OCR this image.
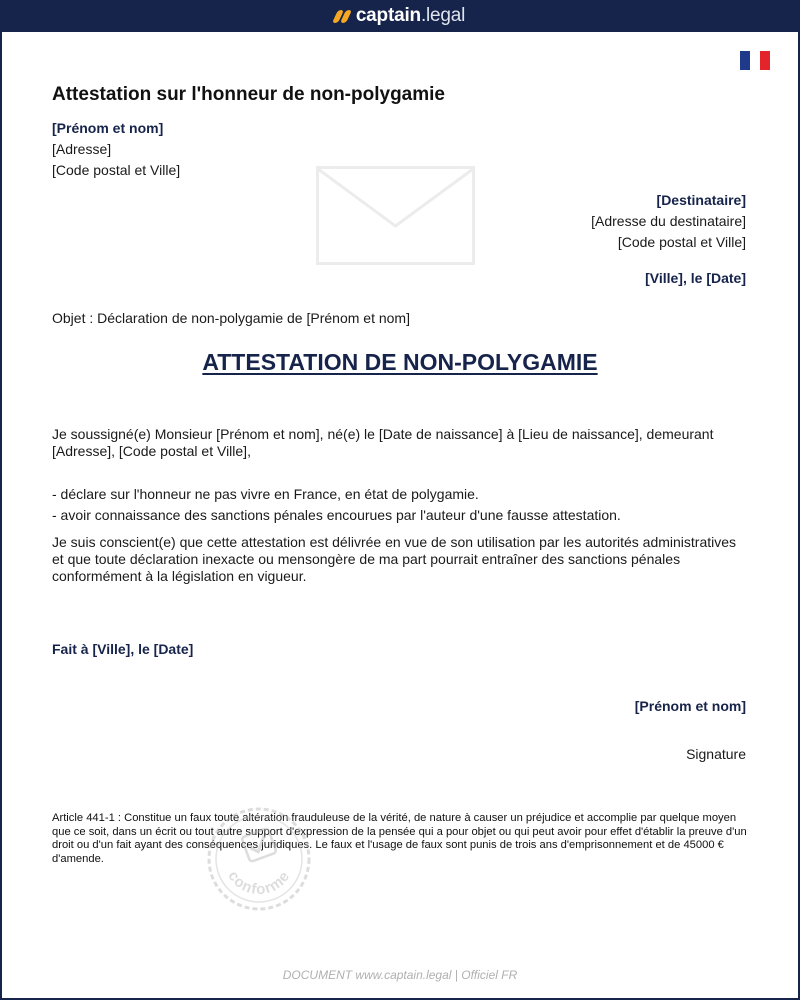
captain .legal
Attestation sur l'honneur de non-polygamie
[Prénom et nom]
[Adresse]
[Code postal et Ville]
[Destinataire]
[Adresse du destinataire]
[Code postal et Ville]
[Ville], le [Date]
Objet : Déclaration de non-polygamie de [Prénom et nom]
ATTESTATION DE NON-POLYGAMIE

Je soussigné(e) Monsieur [Prénom et nom], né(e) le [Date de naissance] à [Lieu de naissance], demeurant [Adresse], [Code postal et Ville],

- déclare sur l'honneur ne pas vivre en France, en état de polygamie.
- avoir connaissance des sanctions pénales encourues par l'auteur d'une fausse attestation.

Je suis conscient(e) que cette attestation est délivrée en vue de son utilisation par les autorités administratives et que toute déclaration inexacte ou mensongère de ma part pourrait entraîner des sanctions pénales conformément à la législation en vigueur.

Fait à [Ville], le [Date]
[Prénom et nom]
Signature

Article 441-1 : Constitue un faux toute altération frauduleuse de la vérité, de nature à causer un préjudice et accomplie par quelque moyen que ce soit, dans un écrit ou tout autre support d'expression de la pensée qui a pour objet ou qui peut avoir pour effet d'établir la preuve d'un droit ou d'un fait ayant des conséquences juridiques. Le faux et l'usage de faux sont punis de trois ans d'emprisonnement et de 45000 € d'amende.

conforme
DOCUMENT www.captain.legal | Officiel FR
